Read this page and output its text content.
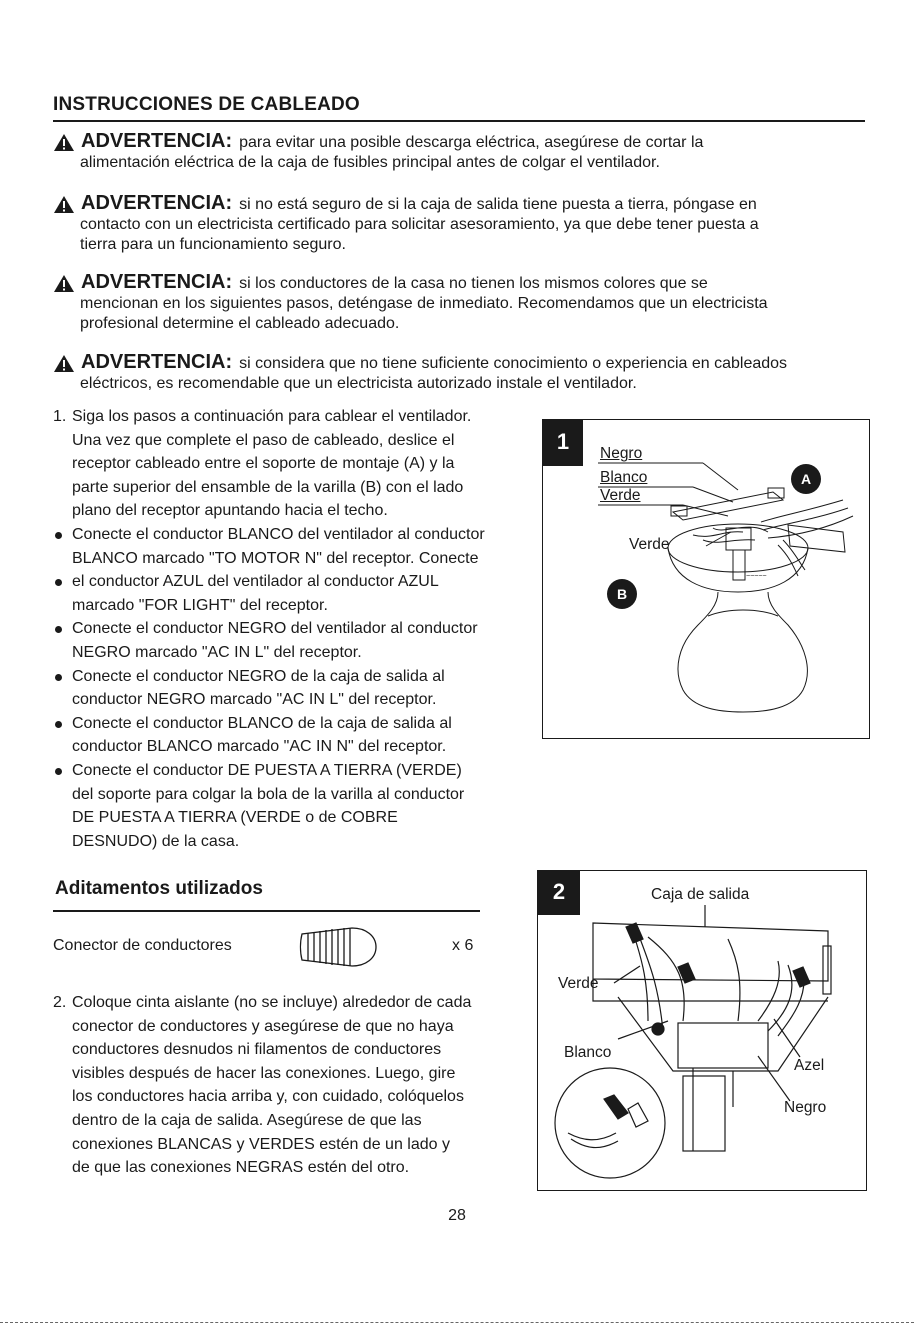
INSTRUCCIONES DE CABLEADO
ADVERTENCIA: para evitar una posible descarga eléctrica, asegúrese de cortar la
alimentación eléctrica de la caja de fusibles principal antes de colgar el ventilador.
ADVERTENCIA: si no está seguro de si la caja de salida tiene puesta a tierra, póngase en
contacto con un electricista certificado para solicitar asesoramiento, ya que debe tener puesta a
tierra para un funcionamiento seguro.
ADVERTENCIA: si los conductores de la casa no tienen los mismos colores que se
mencionan en los siguientes pasos, deténgase de inmediato. Recomendamos que un electricista
profesional determine el cableado adecuado.
ADVERTENCIA: si considera que no tiene suficiente conocimiento o experiencia en cableados
eléctricos, es recomendable que un electricista autorizado instale el ventilador.
1. Siga los pasos a continuación para cablear el ventilador.
Una vez que complete el paso de cableado, deslice el
receptor cableado entre el soporte de montaje (A) y la
parte superior del ensamble de la varilla (B) con el lado
plano del receptor apuntando hacia el techo.
Conecte el conductor BLANCO del ventilador al conductor
BLANCO marcado "TO MOTOR N" del receptor. Conecte
el conductor AZUL del ventilador al conductor AZUL
marcado "FOR LIGHT" del receptor.
Conecte el conductor NEGRO del ventilador al conductor
NEGRO marcado "AC IN L" del receptor.
Conecte el conductor NEGRO de la caja de salida al
conductor NEGRO marcado "AC IN L" del receptor.
Conecte el conductor BLANCO de la caja de salida al
conductor BLANCO marcado "AC IN N" del receptor.
Conecte el conductor DE PUESTA A TIERRA (VERDE)
del soporte para colgar la bola de la varilla al conductor
DE PUESTA A TIERRA (VERDE o de COBRE
DESNUDO) de la casa.
1
~~~~~
Negro
Blanco
Verde
Verde
A
B
Aditamentos utilizados
Conector de conductores	x 6
2. Coloque cinta aislante (no se incluye) alrededor de cada
conector de conductores y asegúrese de que no haya
conductores desnudos ni filamentos de conductores
visibles después de hacer las conexiones. Luego, gire
los conductores hacia arriba y, con cuidado, colóquelos
dentro de la caja de salida. Asegúrese de que las
conexiones BLANCAS y VERDES estén de un lado y
de que las conexiones NEGRAS estén del otro.
2	Caja de salida
Verde
Blanco
Azel
Negro
28
